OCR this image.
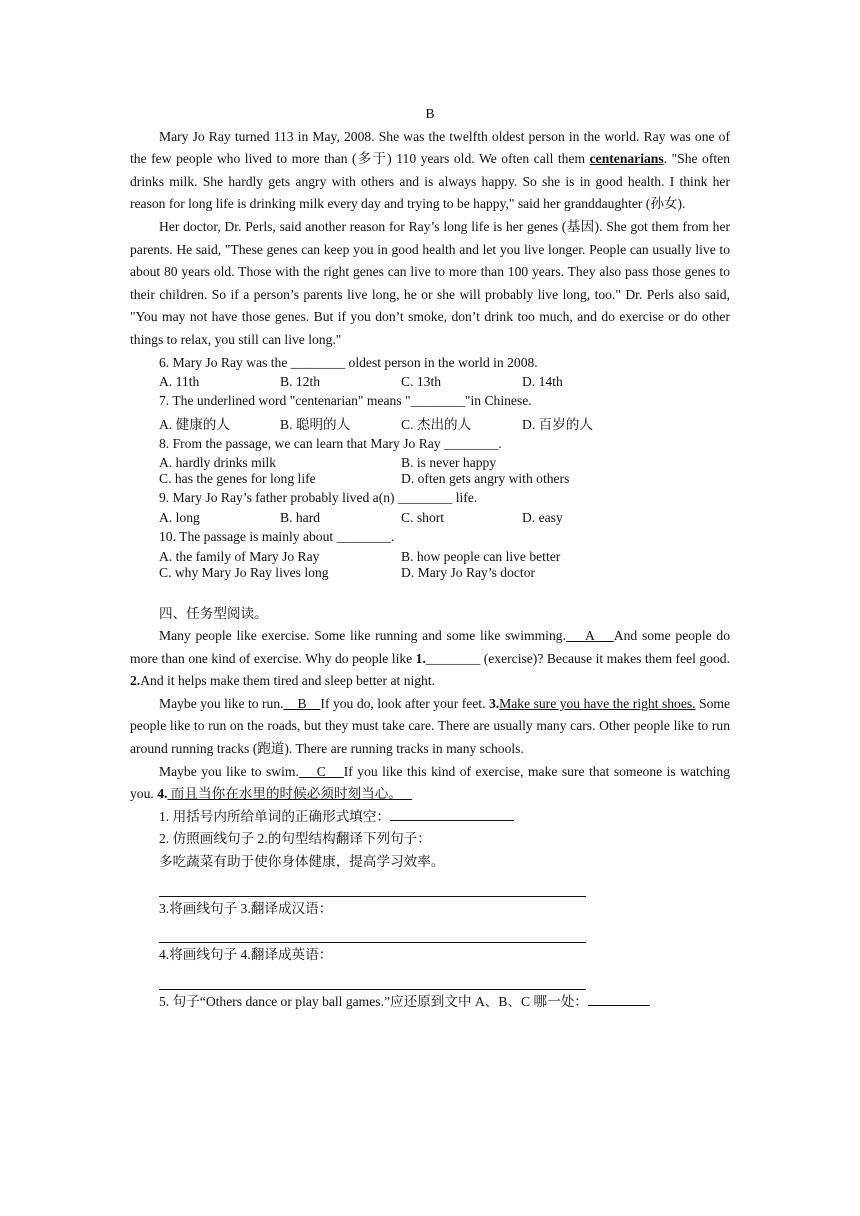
B

Mary Jo Ray turned 113 in May, 2008. She was the twelfth oldest person in the world. Ray was one of the few people who lived to more than (多于) 110 years old. We often call them centenarians. "She often drinks milk. She hardly gets angry with others and is always happy. So she is in good health. I think her reason for long life is drinking milk every day and trying to be happy," said her granddaughter (孙女).

Her doctor, Dr. Perls, said another reason for Ray’s long life is her genes (基因). She got them from her parents. He said, "These genes can keep you in good health and let you live longer. People can usually live to about 80 years old. Those with the right genes can live to more than 100 years. They also pass those genes to their children. So if a person’s parents live long, he or she will probably live long, too." Dr. Perls also said, "You may not have those genes. But if you don’t smoke, don’t drink too much, and do exercise or do other things to relax, you still can live long."

6. Mary Jo Ray was the ________ oldest person in the world in 2008.

A. 11th	B. 12th	C. 13th	D. 14th

7. The underlined word "centenarian" means "________"in Chinese.

A. 健康的人	B. 聪明的人	C. 杰出的人	D. 百岁的人

8. From the passage, we can learn that Mary Jo Ray ________.

A. hardly drinks milk	B. is never happy
C. has the genes for long life	D. often gets angry with others

9. Mary Jo Ray’s father probably lived a(n) ________ life.

A. long	B. hard	C. short	D. easy

10. The passage is mainly about ________.

A. the family of Mary Jo Ray	B. how people can live better
C. why Mary Jo Ray lives long	D. Mary Jo Ray’s doctor

四、任务型阅读。

Many people like exercise. Some like running and some like swimming. A And some people do more than one kind of exercise. Why do people like 1.________ (exercise)? Because it makes them feel good. 2.And it helps make them tired and sleep better at night.

Maybe you like to run. B If you do, look after your feet. 3.Make sure you have the right shoes. Some people like to run on the roads, but they must take care. There are usually many cars. Other people like to run around running tracks (跑道). There are running tracks in many schools.

Maybe you like to swim. C If you like this kind of exercise, make sure that someone is watching you. 4. 而且当你在水里的时候必须时刻当心。

1. 用括号内所给单词的正确形式填空：

2. 仿照画线句子 2.的句型结构翻译下列句子：

多吃蔬菜有助于使你身体健康，提高学习效率。

3.将画线句子 3.翻译成汉语：

4.将画线句子 4.翻译成英语：

5. 句子“Others dance or play ball games.”应还原到文中 A、B、C 哪一处：
